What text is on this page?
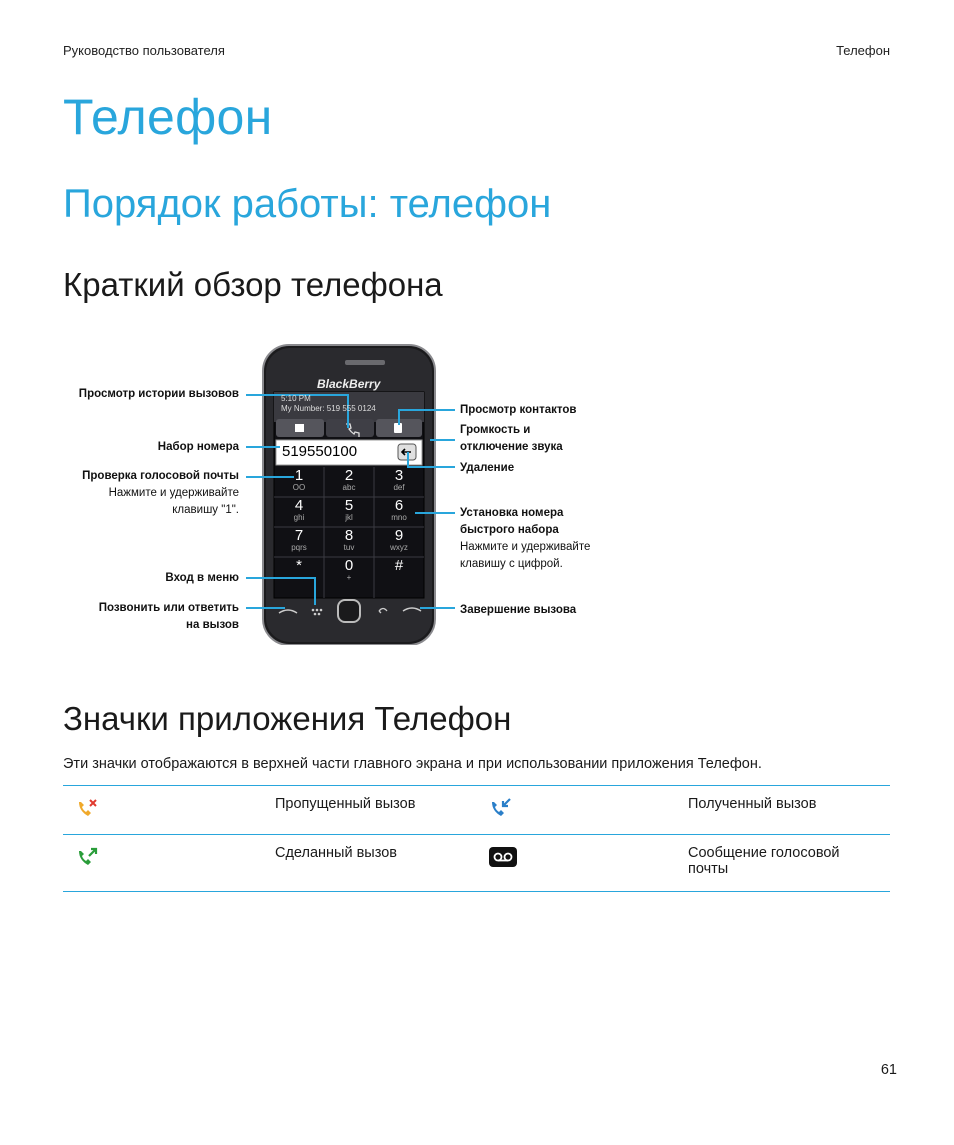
Руководство пользователя	Телефон
Телефон
Порядок работы: телефон
Краткий обзор телефона
BlackBerry
5:10 PM
My Number: 519 555 0124
519550100
1
ОО
2
abc
3
def
4
ghi
5
jkl
6
mno
7
pqrs
8
tuv
9
wxyz
*	0
+
#
Просмотр истории вызовов
Набор номера
Проверка голосовой почты
Нажмите и удерживайте
клавишу "1".
Вход в меню
Позвонить или ответить
на вызов
Просмотр контактов
Громкость и
отключение звука
Удаление
Установка номера
быстрого набора
Нажмите и удерживайте
клавишу с цифрой.
Завершение вызова
Значки приложения Телефон
Эти значки отображаются в верхней части главного экрана и при использовании приложения Телефон.
	Пропущенный вызов		Полученный вызов
	Сделанный вызов		Сообщение голосовой почты
61
